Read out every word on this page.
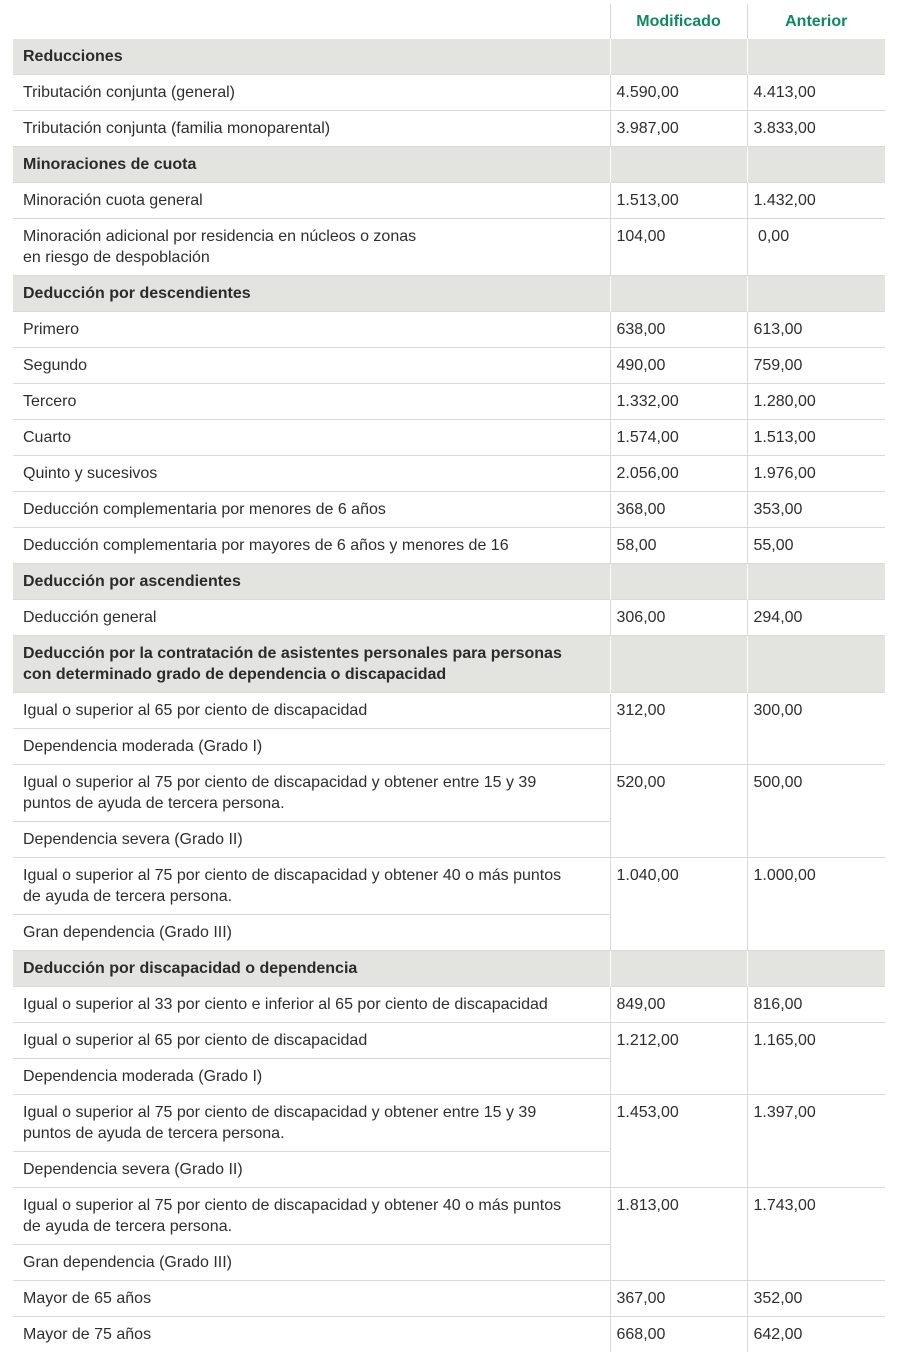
	Modificado	Anterior
Reducciones		
Tributación conjunta (general)	4.590,00	4.413,00
Tributación conjunta (familia monoparental)	3.987,00	3.833,00
Minoraciones de cuota		
Minoración cuota general	1.513,00	1.432,00
Minoración adicional por residencia en núcleos o zonas
en riesgo de despoblación	104,00	0,00
Deducción por descendientes		
Primero	638,00	613,00
Segundo	490,00	759,00
Tercero	1.332,00	1.280,00
Cuarto	1.574,00	1.513,00
Quinto y sucesivos	2.056,00	1.976,00
Deducción complementaria por menores de 6 años	368,00	353,00
Deducción complementaria por mayores de 6 años y menores de 16	58,00	55,00
Deducción por ascendientes		
Deducción general	306,00	294,00
Deducción por la contratación de asistentes personales para personas
con determinado grado de dependencia o discapacidad		
Igual o superior al 65 por ciento de discapacidad	312,00	300,00
Dependencia moderada (Grado I)		
Igual o superior al 75 por ciento de discapacidad y obtener entre 15 y 39
puntos de ayuda de tercera persona.	520,00	500,00
Dependencia severa (Grado II)		
Igual o superior al 75 por ciento de discapacidad y obtener 40 o más puntos
de ayuda de tercera persona.	1.040,00	1.000,00
Gran dependencia (Grado III)		
Deducción por discapacidad o dependencia		
Igual o superior al 33 por ciento e inferior al 65 por ciento de discapacidad	849,00	816,00
Igual o superior al 65 por ciento de discapacidad	1.212,00	1.165,00
Dependencia moderada (Grado I)		
Igual o superior al 75 por ciento de discapacidad y obtener entre 15 y 39
puntos de ayuda de tercera persona.	1.453,00	1.397,00
Dependencia severa (Grado II)		
Igual o superior al 75 por ciento de discapacidad y obtener 40 o más puntos
de ayuda de tercera persona.	1.813,00	1.743,00
Gran dependencia (Grado III)		
Mayor de 65 años	367,00	352,00
Mayor de 75 años	668,00	642,00
